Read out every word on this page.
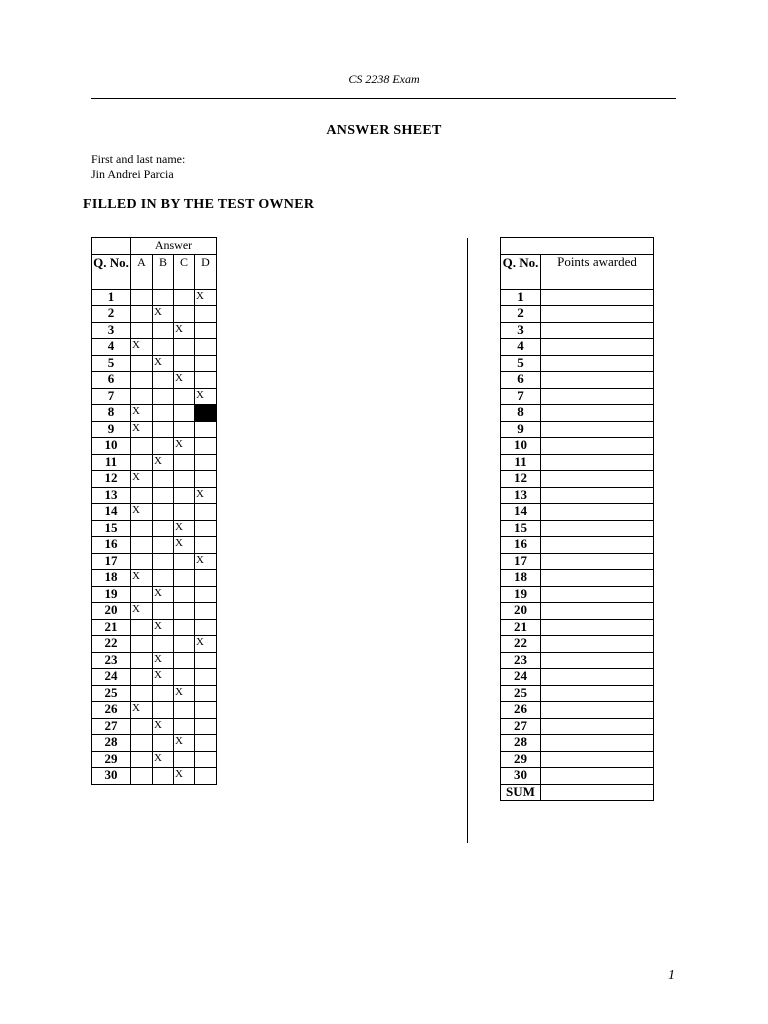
CS 2238 Exam
ANSWER SHEET
First and last name:
Jin Andrei Parcia
FILLED IN BY THE TEST OWNER
	Answer			
Q. No.	A	B	C	D
1				X
2		X		
3			X	
4	X			
5		X		
6			X	
7				X
8	X			
9	X			
10			X	
11		X		
12	X			
13				X
14	X			
15			X	
16			X	
17				X
18	X			
19		X		
20	X			
21		X		
22				X
23		X		
24		X		
25			X	
26	X			
27		X		
28			X	
29		X		
30			X	

Q. No.	Points awarded
1	
2	
3	
4	
5	
6	
7	
8	
9	
10	
11	
12	
13	
14	
15	
16	
17	
18	
19	
20	
21	
22	
23	
24	
25	
26	
27	
28	
29	
30	
SUM	
1
